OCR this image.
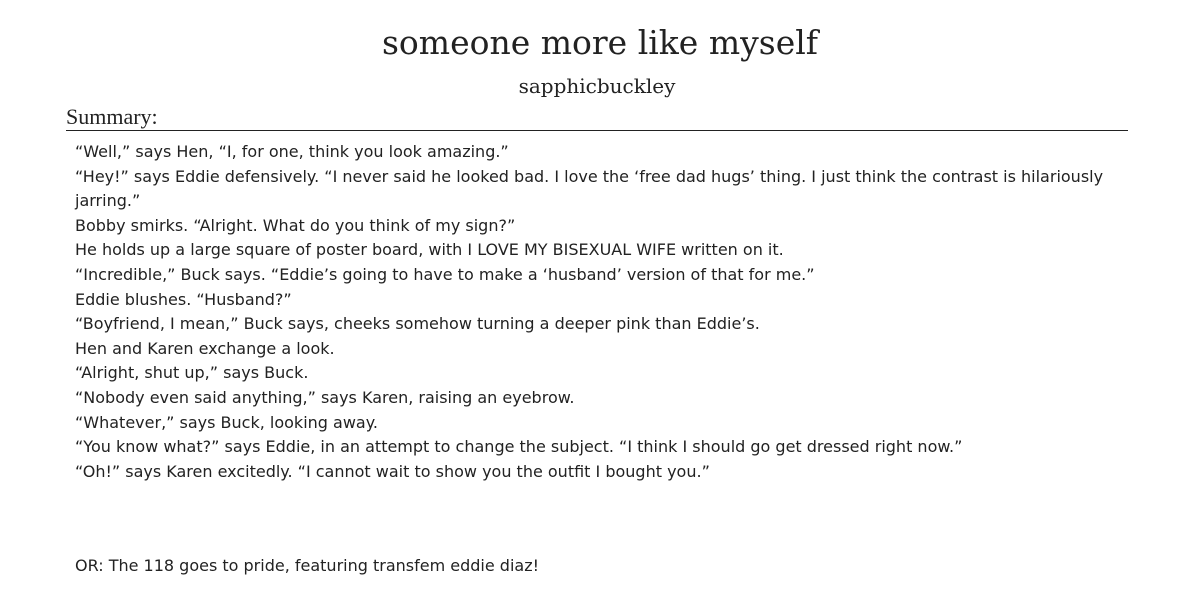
someone more like myself
sapphicbuckley
Summary:

“Well,” says Hen, “I, for one, think you look amazing.”

“Hey!” says Eddie defensively. “I never said he looked bad. I love the ‘free dad hugs’ thing. I just think the contrast is hilariously jarring.”

Bobby smirks. “Alright. What do you think of my sign?”

He holds up a large square of poster board, with I LOVE MY BISEXUAL WIFE written on it.

“Incredible,” Buck says. “Eddie’s going to have to make a ‘husband’ version of that for me.”

Eddie blushes. “Husband?”

“Boyfriend, I mean,” Buck says, cheeks somehow turning a deeper pink than Eddie’s.

Hen and Karen exchange a look.

“Alright, shut up,” says Buck.

“Nobody even said anything,” says Karen, raising an eyebrow.

“Whatever,” says Buck, looking away.

“You know what?” says Eddie, in an attempt to change the subject. “I think I should go get dressed right now.”

“Oh!” says Karen excitedly. “I cannot wait to show you the outfit I bought you.”

OR: The 118 goes to pride, featuring transfem eddie diaz!
